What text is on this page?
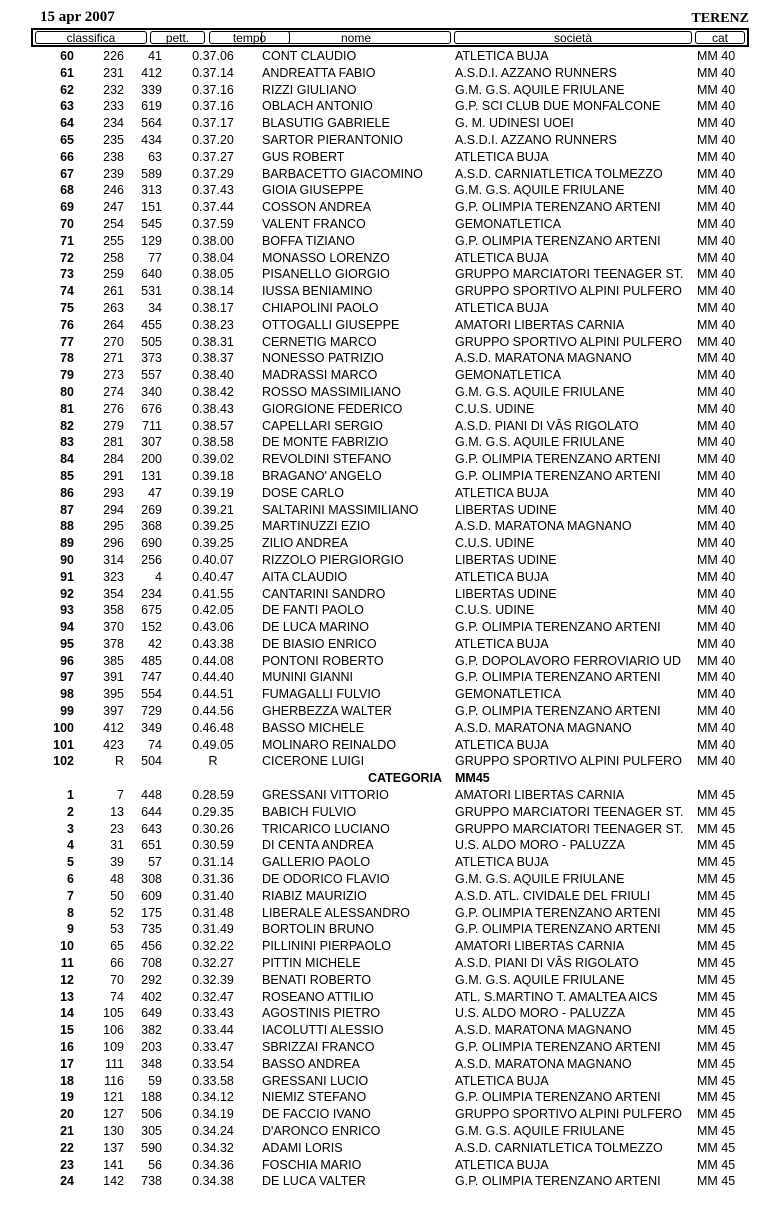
15 apr 2007	TERENZ
classifica	pett.	tempo	nome	società	cat
60	226	41	0.37.06	CONT CLAUDIO	ATLETICA BUJA	MM 40
61	231	412	0.37.14	ANDREATTA FABIO	A.S.D.I. AZZANO RUNNERS	MM 40
62	232	339	0.37.16	RIZZI GIULIANO	G.M. G.S. AQUILE FRIULANE	MM 40
63	233	619	0.37.16	OBLACH ANTONIO	G.P. SCI CLUB DUE MONFALCONE	MM 40
64	234	564	0.37.17	BLASUTIG GABRIELE	G. M. UDINESI UOEI	MM 40
65	235	434	0.37.20	SARTOR PIERANTONIO	A.S.D.I. AZZANO RUNNERS	MM 40
66	238	63	0.37.27	GUS ROBERT	ATLETICA BUJA	MM 40
67	239	589	0.37.29	BARBACETTO GIACOMINO	A.S.D. CARNIATLETICA TOLMEZZO	MM 40
68	246	313	0.37.43	GIOIA GIUSEPPE	G.M. G.S. AQUILE FRIULANE	MM 40
69	247	151	0.37.44	COSSON ANDREA	G.P. OLIMPIA TERENZANO ARTENI	MM 40
70	254	545	0.37.59	VALENT FRANCO	GEMONATLETICA	MM 40
71	255	129	0.38.00	BOFFA TIZIANO	G.P. OLIMPIA TERENZANO ARTENI	MM 40
72	258	77	0.38.04	MONASSO LORENZO	ATLETICA BUJA	MM 40
73	259	640	0.38.05	PISANELLO GIORGIO	GRUPPO MARCIATORI TEENAGER ST.	MM 40
74	261	531	0.38.14	IUSSA BENIAMINO	GRUPPO SPORTIVO ALPINI PULFERO	MM 40
75	263	34	0.38.17	CHIAPOLINI PAOLO	ATLETICA BUJA	MM 40
76	264	455	0.38.23	OTTOGALLI GIUSEPPE	AMATORI LIBERTAS CARNIA	MM 40
77	270	505	0.38.31	CERNETIG MARCO	GRUPPO SPORTIVO ALPINI PULFERO	MM 40
78	271	373	0.38.37	NONESSO PATRIZIO	A.S.D. MARATONA MAGNANO	MM 40
79	273	557	0.38.40	MADRASSI MARCO	GEMONATLETICA	MM 40
80	274	340	0.38.42	ROSSO MASSIMILIANO	G.M. G.S. AQUILE FRIULANE	MM 40
81	276	676	0.38.43	GIORGIONE FEDERICO	C.U.S. UDINE	MM 40
82	279	711	0.38.57	CAPELLARI SERGIO	A.S.D. PIANI DI VÂS RIGOLATO	MM 40
83	281	307	0.38.58	DE MONTE FABRIZIO	G.M. G.S. AQUILE FRIULANE	MM 40
84	284	200	0.39.02	REVOLDINI STEFANO	G.P. OLIMPIA TERENZANO ARTENI	MM 40
85	291	131	0.39.18	BRAGANO' ANGELO	G.P. OLIMPIA TERENZANO ARTENI	MM 40
86	293	47	0.39.19	DOSE CARLO	ATLETICA BUJA	MM 40
87	294	269	0.39.21	SALTARINI MASSIMILIANO	LIBERTAS UDINE	MM 40
88	295	368	0.39.25	MARTINUZZI EZIO	A.S.D. MARATONA MAGNANO	MM 40
89	296	690	0.39.25	ZILIO ANDREA	C.U.S. UDINE	MM 40
90	314	256	0.40.07	RIZZOLO PIERGIORGIO	LIBERTAS UDINE	MM 40
91	323	4	0.40.47	AITA CLAUDIO	ATLETICA BUJA	MM 40
92	354	234	0.41.55	CANTARINI SANDRO	LIBERTAS UDINE	MM 40
93	358	675	0.42.05	DE FANTI PAOLO	C.U.S. UDINE	MM 40
94	370	152	0.43.06	DE LUCA MARINO	G.P. OLIMPIA TERENZANO ARTENI	MM 40
95	378	42	0.43.38	DE BIASIO ENRICO	ATLETICA BUJA	MM 40
96	385	485	0.44.08	PONTONI ROBERTO	G.P. DOPOLAVORO FERROVIARIO UD	MM 40
97	391	747	0.44.40	MUNINI GIANNI	G.P. OLIMPIA TERENZANO ARTENI	MM 40
98	395	554	0.44.51	FUMAGALLI FULVIO	GEMONATLETICA	MM 40
99	397	729	0.44.56	GHERBEZZA WALTER	G.P. OLIMPIA TERENZANO ARTENI	MM 40
100	412	349	0.46.48	BASSO MICHELE	A.S.D. MARATONA MAGNANO	MM 40
101	423	74	0.49.05	MOLINARO REINALDO	ATLETICA BUJA	MM 40
102	R	504	R	CICERONE LUIGI	GRUPPO SPORTIVO ALPINI PULFERO	MM 40
CATEGORIA MM45
1	7	448	0.28.59	GRESSANI VITTORIO	AMATORI LIBERTAS CARNIA	MM 45
2	13	644	0.29.35	BABICH FULVIO	GRUPPO MARCIATORI TEENAGER ST.	MM 45
3	23	643	0.30.26	TRICARICO LUCIANO	GRUPPO MARCIATORI TEENAGER ST.	MM 45
4	31	651	0.30.59	DI CENTA ANDREA	U.S. ALDO MORO - PALUZZA	MM 45
5	39	57	0.31.14	GALLERIO PAOLO	ATLETICA BUJA	MM 45
6	48	308	0.31.36	DE ODORICO FLAVIO	G.M. G.S. AQUILE FRIULANE	MM 45
7	50	609	0.31.40	RIABIZ MAURIZIO	A.S.D. ATL. CIVIDALE DEL FRIULI	MM 45
8	52	175	0.31.48	LIBERALE ALESSANDRO	G.P. OLIMPIA TERENZANO ARTENI	MM 45
9	53	735	0.31.49	BORTOLIN BRUNO	G.P. OLIMPIA TERENZANO ARTENI	MM 45
10	65	456	0.32.22	PILLININI PIERPAOLO	AMATORI LIBERTAS CARNIA	MM 45
11	66	708	0.32.27	PITTIN MICHELE	A.S.D. PIANI DI VÂS RIGOLATO	MM 45
12	70	292	0.32.39	BENATI ROBERTO	G.M. G.S. AQUILE FRIULANE	MM 45
13	74	402	0.32.47	ROSEANO ATTILIO	ATL. S.MARTINO T. AMALTEA AICS	MM 45
14	105	649	0.33.43	AGOSTINIS PIETRO	U.S. ALDO MORO - PALUZZA	MM 45
15	106	382	0.33.44	IACOLUTTI ALESSIO	A.S.D. MARATONA MAGNANO	MM 45
16	109	203	0.33.47	SBRIZZAI FRANCO	G.P. OLIMPIA TERENZANO ARTENI	MM 45
17	111	348	0.33.54	BASSO ANDREA	A.S.D. MARATONA MAGNANO	MM 45
18	116	59	0.33.58	GRESSANI LUCIO	ATLETICA BUJA	MM 45
19	121	188	0.34.12	NIEMIZ STEFANO	G.P. OLIMPIA TERENZANO ARTENI	MM 45
20	127	506	0.34.19	DE FACCIO IVANO	GRUPPO SPORTIVO ALPINI PULFERO	MM 45
21	130	305	0.34.24	D'ARONCO ENRICO	G.M. G.S. AQUILE FRIULANE	MM 45
22	137	590	0.34.32	ADAMI LORIS	A.S.D. CARNIATLETICA TOLMEZZO	MM 45
23	141	56	0.34.36	FOSCHIA MARIO	ATLETICA BUJA	MM 45
24	142	738	0.34.38	DE LUCA VALTER	G.P. OLIMPIA TERENZANO ARTENI	MM 45
